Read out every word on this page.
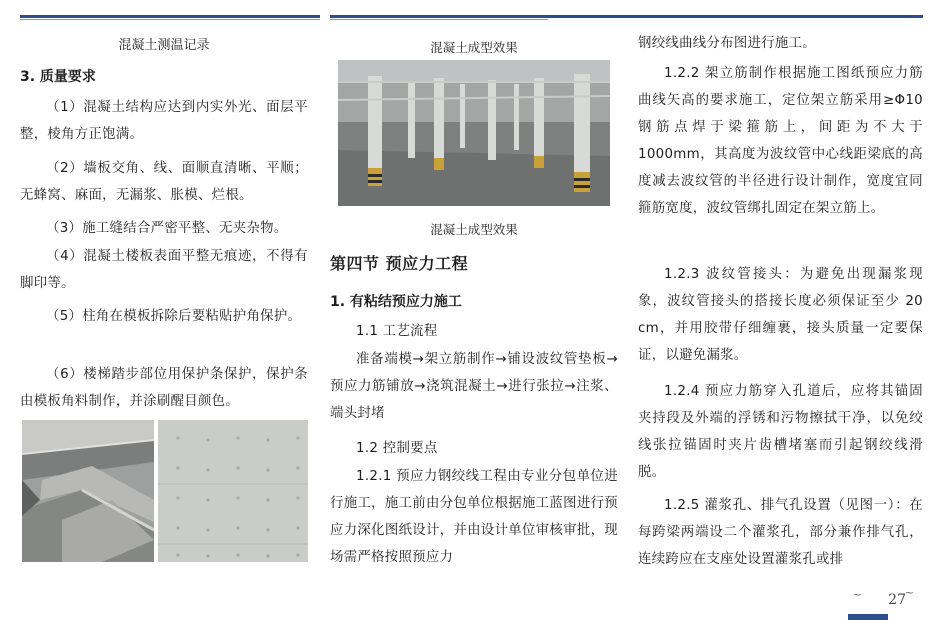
混凝土测温记录
3. 质量要求
（1）混凝土结构应达到内实外光、面层平整，棱角方正饱满。
（2）墙板交角、线、面顺直清晰、平顺；无蜂窝、麻面，无漏浆、胀模、烂根。
（3）施工缝结合严密平整、无夹杂物。
（4）混凝土楼板表面平整无痕迹，不得有脚印等。
（5）柱角在模板拆除后要粘贴护角保护。
（6）楼梯踏步部位用保护条保护，保护条由模板角料制作，并涂刷醒目颜色。
混凝土成型效果
混凝土成型效果
第四节 预应力工程
1. 有粘结预应力施工
1.1 工艺流程
准备端模→架立筋制作→铺设波纹管垫板→预应力筋铺放→浇筑混凝土→进行张拉→注浆、端头封堵
1.2 控制要点
1.2.1 预应力钢绞线工程由专业分包单位进行施工，施工前由分包单位根据施工蓝图进行预应力深化图纸设计，并由设计单位审核审批，现场需严格按照预应力
钢绞线曲线分布图进行施工。
1.2.2 架立筋制作根据施工图纸预应力筋曲线矢高的要求施工，定位架立筋采用≥Φ10 钢筋点焊于梁箍筋上，间距为不大于 1000mm，其高度为波纹管中心线距梁底的高度减去波纹管的半径进行设计制作，宽度宜同箍筋宽度，波纹管绑扎固定在架立筋上。
1.2.3 波纹管接头：为避免出现漏浆现象，波纹管接头的搭接长度必须保证至少 20 cm，并用胶带仔细缠裹，接头质量一定要保证，以避免漏浆。
1.2.4 预应力筋穿入孔道后，应将其锚固夹持段及外端的浮锈和污物擦拭干净，以免绞线张拉锚固时夹片齿槽堵塞而引起钢绞线滑脱。
1.2.5 灌浆孔、排气孔设置（见图一）：在每跨梁两端设二个灌浆孔，部分兼作排气孔，连续跨应在支座处设置灌浆孔或排
~ 27
~
